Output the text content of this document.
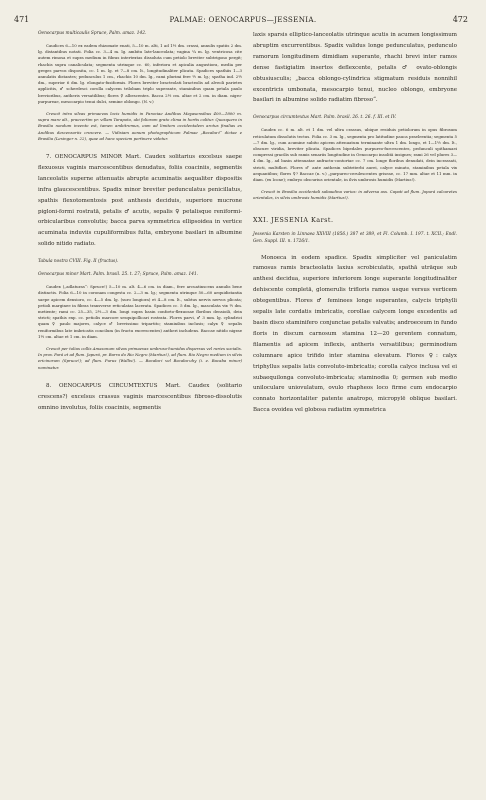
471	PALMAE: OENOCARPUS—JESSENIA.	472

Oenocarpus multicaulis Spruce, Palm. amaz. 142.

Caudices 6—10 ex eadem rhizomate enati, 5—10 m. alti, 1 ad 1½ dm. crassi, annulis spatiis 2 dm. lg. distantibus notati. Folia cc. 3—4 m. lg. ambitu late-lanceolata; vagina ¼ m. lg. ventricosa cite autem rimosa et supra medium in fibras intertextas dissoluta cum petiolo breviter subtrigono pergit; rhachis supra canaliculata; segmenta utrinque cc. 60, inferiora et apicalia angustiora, media per greges parvos disposita, cc. 1 m. lg. et 7—8 cm. lt., longitudinaliter plicata. Spadices spathiis 1—3 annulatis distantes; pedunculus 1 cm., rhachis 10 dm. lg., rami plurimi fere ½ m. lg.; spatha ind. 2½ dm., superior 6 dm. lg. elongato-fusiformis. Flores breviter bracteolati bracteolis ad alveoli parietes applicitis, ♂ scherdesci corolla calycem trilobam triplo superante, staminibus quam petala paulo brevioribus, antheris versatilibus; flores ♀ albescentes. Bacca 2½ cm. altae et 2 cm. in diam. nigro-purpureae, mesocarpio tenui dulci, semine oblongo. (N. v.)

Crescit intra silvas primaevas locis humidis in Paraciae Andibus Mayasensibus 400—1800 m. supra mare alt., praecertim pr. villam Tarapoto, ubi folioram grato clima in hortis colitur. Quosquero in Brasilia nondum invento est, tamen ambitremus, eam ad limitem occidentalem arctus finalias ex Andibus descensoriis crescere. — Vidisiam aonum photographicum Palmae „Bacaba-t“ dictae e Brasilia (Lexinger n. 22), quae ad hanc speciem pertinere videtur.

7. OENOCARPUS MINOR Mart. Caudex solitarius excelsus saepe flexuosus vaginis marcescentibus denudatus, foliis coaciniis, segmentis lanceolatis superne attenuatis abrupte acuminatis aequaliter dispositis infra glaucescentibus. Spadix minor breviter pedunculatus penicillatus, spathis flexotomentosis post anthesis deciduis, superiore mucrone pigloni-formi rostratā, petalis ♂ acutis, sepalis ♀ petalisque reniformi-orbicularibus convolutis; bacca parva symmetrica ellipsoidea in vertice acuminata induviis cupuliformibus fulta, embryone basilari in albumine solido nitido radiato.

Tabula nostra CVIII. Fig. II (fructus).

Oenocarpus minor Mart. Palm. brasil. 25. t. 27; Spruce, Palm. amaz. 141.

Caudex („adlaturas“: Spruce!) 5—10 m. alt. 4—6 cm. in diam., fere arcuatinscens annulis bene distinctis. Folia 6—10 in coronam congesta cc. 2—3 m. lg.; segmenta utrinque 50—60 aequidistantia saepe apicem densioro, cc. 4—5 dm. lg. (suro longiora) et 4—8 cm. lt., subtus nervis nervos plicata; petioli marginee in fibras transverse reticulatas lacerata. Spadices cc. 5 dm. lg., masculata vix ½ dm. metiente; rami cc. 25—35, 2½—3 dm. longi supra basin conforto-flexuosae floribus densioili, dein stricti; spathis exp. cc. petiolis marcore sesquipollicari rostrata. Flores parvi, ♂ 3 mm. lg. cylindrici quam ♀ paulo majores, calyce ♂ brevissimo tripartito; staminibus inclusis; calyx ♀ sepalis reniformibus late imbricatis concilum (in fructu excrescentes) antheri includens. Baccae nitido nigrae 1½ cm. altae et 1 cm. in diam.

Crescit per tolias collis Amazonum silvas primaevas umbroso-humidas dispersus vel raries socialis. In prov. Pará et ad flum. Japurá, pr. Barra do Rio Negro (Martius!), ad flum. Rio Negro medium in silvis ericinorum (Spruce!); ad flum. Purus (Wallis!). — Bacaba-i vel Bacaba-uhy (i. e. Bacaba minor) nominatur.

8. OENOCARPUS CIRCUMTEXTUS Mart. Caudex (solitario crescens?) excelsus crassus vaginis marcescentibus fibroso-dissolutis omnino involutus, foliis coaciniis, segmentis

laxis sparsis elliptico-lanceolatis utrinque acutis in acumen longissimum abruptim excurrentibus. Spadix validus longe pedunculatus, pedunculo ramorum longitudinem dimidiam superante, rhachi brevi inter ramos dense fastigiatim insertos deflexcente, petalis ♂ ovato-oblongis obtusiusculis; „bacca oblongo-cylindrica stigmatum residuis nonnihil excentricis umbonata, mesocarpio tenui, nucleo oblongo, embryone basilari in albumine solido radiatim fibroso“.

Oenocarpus circumtextus Mart. Palm. brasil. 26. t. 26. f. III. et IV.

Caudex cc. 6 m. alt. et 1 dm. vel ultra crassus, ubique residuis petiolorum in opus fibrosum reticulatum dissolutis tectus. Folia cc. 3 m. lg., segmenta pro latitudine pauca praeleentia; segmenta 5—7 dm. lg., cum acumine subito apicem attenuatum terminante ultra 1 dm. longo, et 1—1½ dm. lt., obscure viridia, breviter plicata. Spadices bipedales purpureo-furcescentes, pedunculi spithamaei compressi gracilis sub ramis senariis longitudine in Oenocarpo insolitā insignes; rami 26 vel plures 3—4 dm. lg., ad basin attenuatae anfractu-contortae cc. 7 cm. longe floribus denudati, dein incrassati, stricti, multiflori. Flores ♂ ante anthesin subtriterbi aurei, calyce minuto, staminibus petala vix aequantibus; flores ♀? Baccae (n. v.) „purpureo-cerulescentes griseae, cc. 17 mm. altae et 11 mm. in diam. (ex Icone); embryo obscurius orientale, in ilvis umbrosis humidis (Martius!).

Crescit in Brasilia occidentali sabaudina varios: in adversa ass. Capati ad flum. Japurá calcaretes orientales, in silvis umbrosis humidis (Martius!).

XXI. JESSENIA Karst.

Jessenia Karsten in Linnaea XXVIII (1856.) 387 et 389, et Fl. Columb. I. 197. t. XCII.; Endl. Gen. Suppl. III. n. 1726/1.

Monoeca in eodem spadice. Spadix simpliciter vel paniculatim ramosus ramis bracteolatis laxius scrobiculatis, spathā utrāque sub anthesi decidua, superiore inferiorem longe superante longitudinaliter dehiscente completā, glomerulis trifloris ramos usque versus verticem obtegentibus. Flores ♂ feminees longe superantes, calycis triphylli sepalis late cordatis imbricatis, corollae calycem longe excedentis ad basin disco staminifero conjunctae petalis valvatis; androeceum in fundo floris in discum carnosum stamina 12—20 gerentem connatum, filamentis ad apicem inflexis, antheris versatilibus; germinodium columnare apice trifido inter stamina elevatum. Flores ♀: calyx triphyllus sepalis latis convoluto-imbricatis; corolla calyce inclusa vel ei subaequilonga convoluto-imbricata; staminodia 0; germen sub medio uniloculare uniovulatum, ovulo rhapheos loco firme cum endocarpio connato horizontaliter patente anatropo, micropylē oblique basilari. Bacca ovoidea vel globosa radiatim symmetrica
